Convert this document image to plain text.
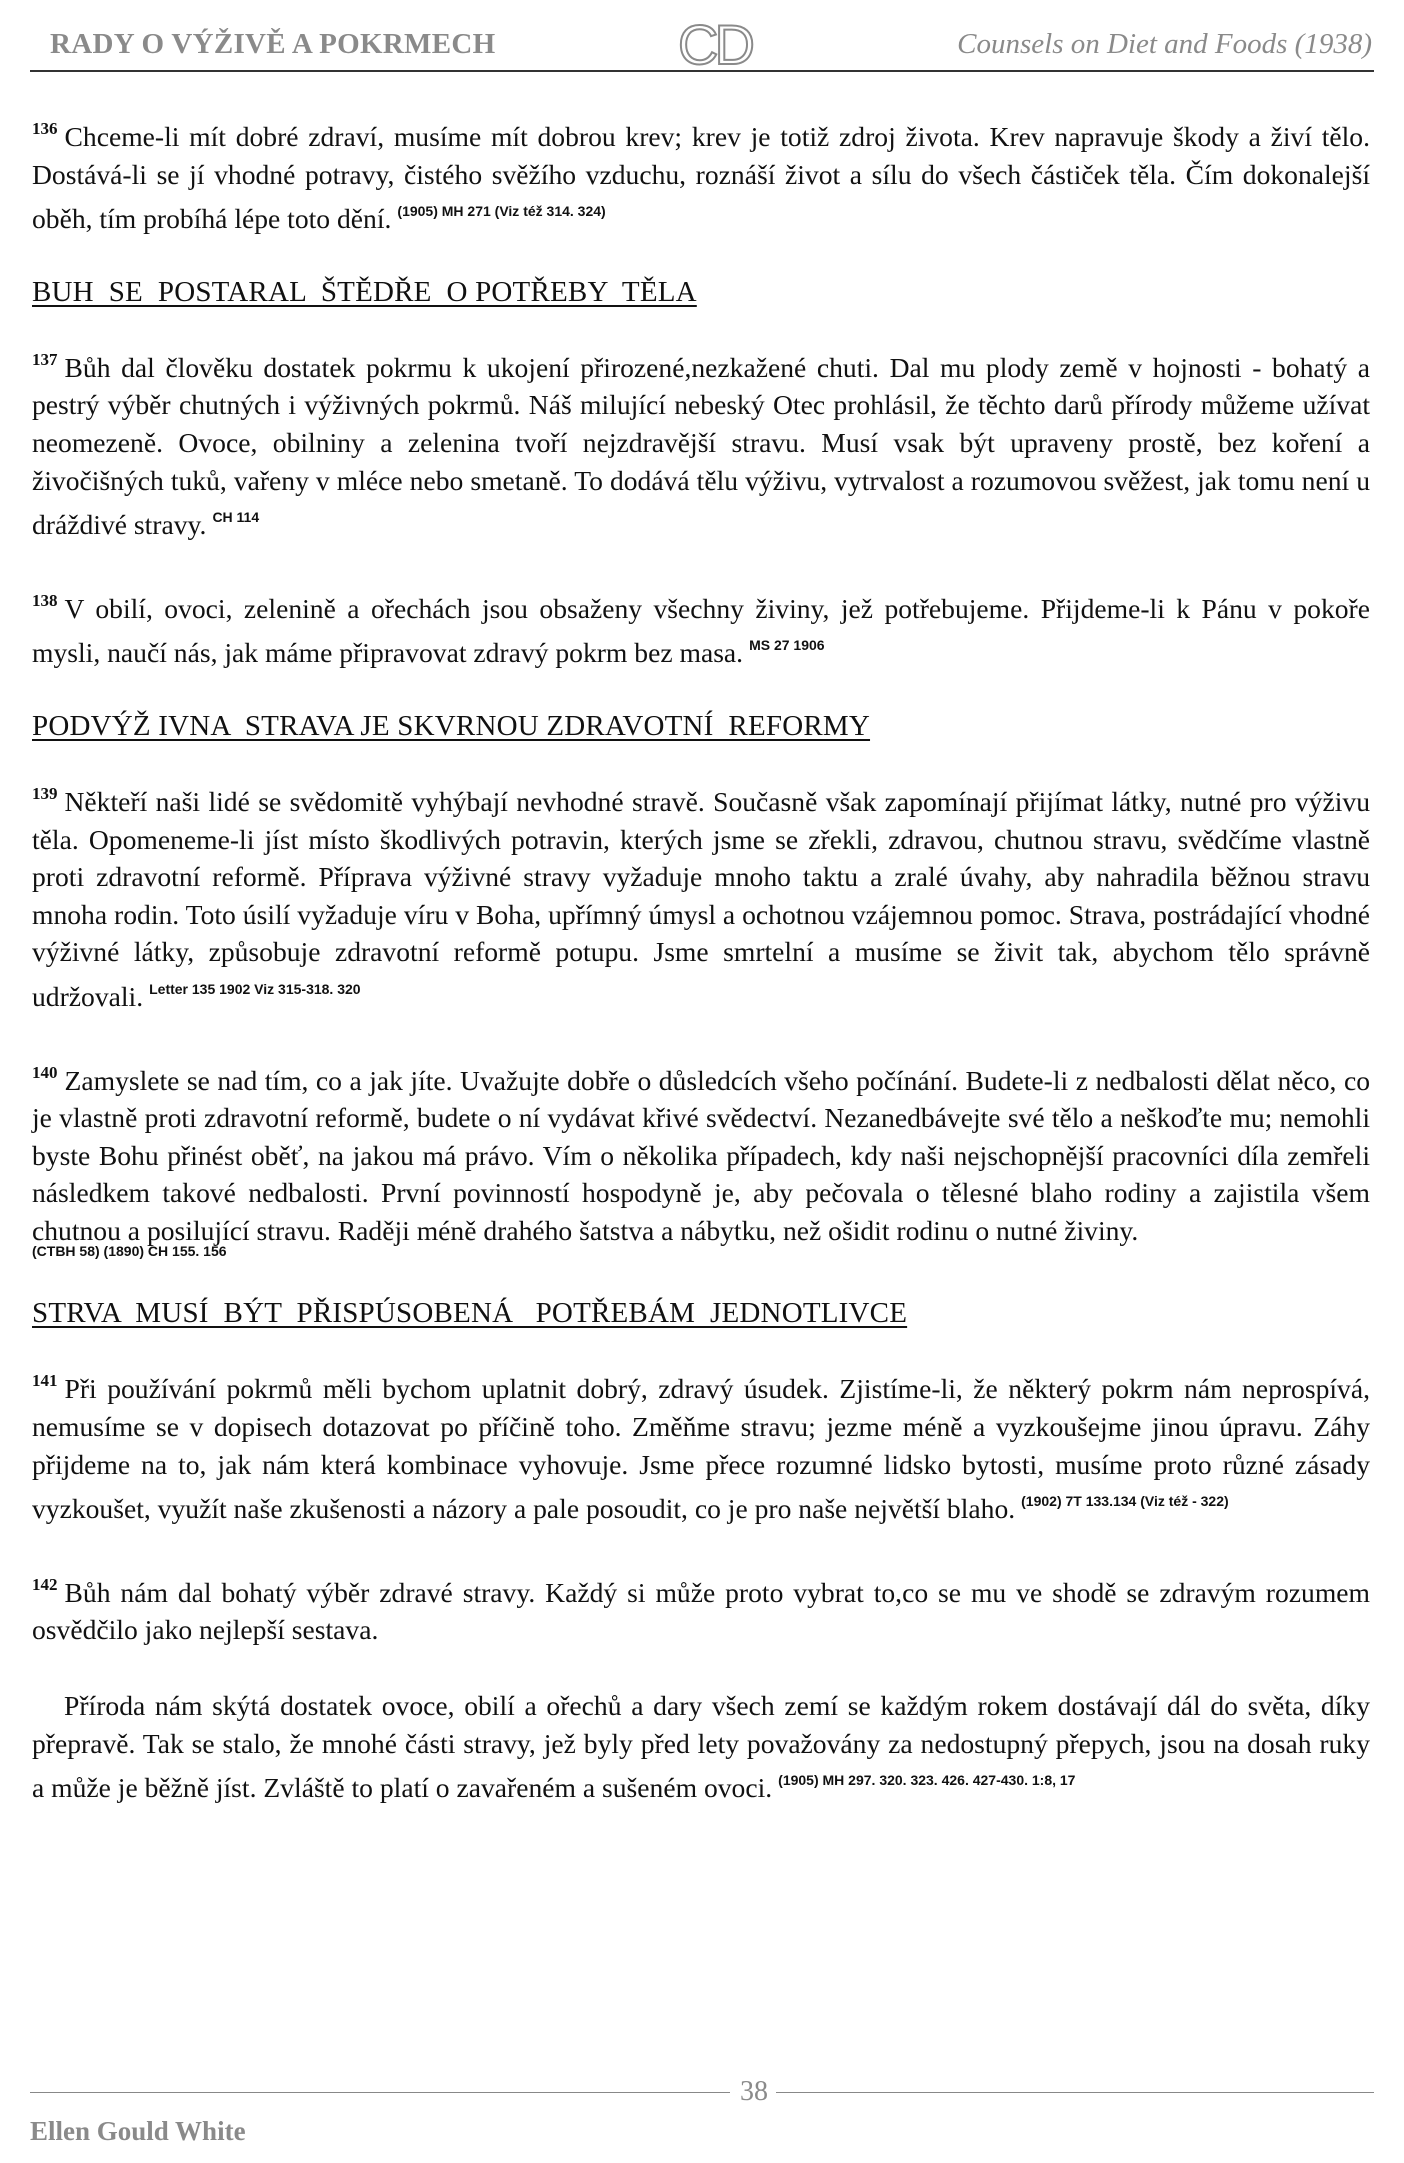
RADY O VÝŽIVĚ A POKRMECH	CD	Counsels on Diet and Foods (1938)

$^{136}$ Chceme-li mít dobré zdraví, musíme mít dobrou krev; krev je totiž zdroj života. Krev napravuje škody a živí tělo. Dostává-li se jí vhodné potravy, čistého svěžího vzduchu, roznáší život a sílu do všech částiček těla. Čím dokonalejší oběh, tím probíhá lépe toto dění. $^{(1905) MH 271 (Viz též 314. 324)}$

BUH  SE  POSTARAL  ŠTĚDŘE  O POTŘEBY  TĚLA

$^{137}$ Bůh dal člověku dostatek pokrmu k ukojení přirozené,nezkažené chuti. Dal mu plody země v hojnosti - bohatý a pestrý výběr chutných i výživných pokrmů. Náš milující nebeský Otec prohlásil, že těchto darů přírody můžeme užívat neomezeně. Ovoce, obilniny a zelenina tvoří nejzdravější stravu. Musí vsak být upraveny prostě, bez koření a živočišných tuků, vařeny v mléce nebo smetaně. To dodává tělu výživu, vytrvalost a rozumovou svěžest, jak tomu není u dráždivé stravy. $^{CH 114}$

$^{138}$ V obilí, ovoci, zelenině a ořechách jsou obsaženy všechny živiny, jež potřebujeme. Přijdeme-li k Pánu v pokoře mysli, naučí nás, jak máme připravovat zdravý pokrm bez masa. $^{MS 27 1906}$

PODVÝŽ IVNA  STRAVA JE SKVRNOU ZDRAVOTNÍ  REFORMY

$^{139}$ Někteří naši lidé se svědomitě vyhýbají nevhodné stravě. Současně však zapomínají přijímat látky, nutné pro výživu těla. Opomeneme-li jíst místo škodlivých potravin, kterých jsme se zřekli, zdravou, chutnou stravu, svědčíme vlastně proti zdravotní reformě. Příprava výživné stravy vyžaduje mnoho taktu a zralé úvahy, aby nahradila běžnou stravu mnoha rodin. Toto úsilí vyžaduje víru v Boha, upřímný úmysl a ochotnou vzájemnou pomoc. Strava, postrádající vhodné výživné látky, způsobuje zdravotní reformě potupu. Jsme smrtelní a musíme se živit tak, abychom tělo správně udržovali. $^{Letter 135 1902 Viz 315-318. 320}$

$^{140}$ Zamyslete se nad tím, co a jak jíte. Uvažujte dobře o důsledcích všeho počínání. Budete-li z nedbalosti dělat něco, co je vlastně proti zdravotní reformě, budete o ní vydávat křivé svědectví. Nezanedbávejte své tělo a neškoďte mu; nemohli byste Bohu přinést oběť, na jakou má právo. Vím o několika případech, kdy naši nejschopnější pracovníci díla zemřeli následkem takové nedbalosti. První povinností hospodyně je, aby pečovala o tělesné blaho rodiny a zajistila všem chutnou a posilující stravu. Raději méně drahého šatstva a nábytku, než ošidit rodinu o nutné živiny.
(CTBH 58) (1890) CH 155. 156

STRVA  MUSÍ  BÝT  PŘISPÚSOBENÁ   POTŘEBÁM  JEDNOTLIVCE

$^{141}$ Při používání pokrmů měli bychom uplatnit dobrý, zdravý úsudek. Zjistíme-li, že některý pokrm nám neprospívá, nemusíme se v dopisech dotazovat po příčině toho. Změňme stravu; jezme méně a vyzkoušejme jinou úpravu. Záhy přijdeme na to, jak nám která kombinace vyhovuje. Jsme přece rozumné lidsko bytosti, musíme proto různé zásady vyzkoušet, využít naše zkušenosti a názory a pale posoudit, co je pro naše největší blaho. $^{(1902) 7T 133.134 (Viz též - 322)}$

$^{142}$ Bůh nám dal bohatý výběr zdravé stravy. Každý si může proto vybrat to,co se mu ve shodě se zdravým rozumem osvědčilo jako nejlepší sestava.

Příroda nám skýtá dostatek ovoce, obilí a ořechů a dary všech zemí se každým rokem dostávají dál do světa, díky přepravě. Tak se stalo, že mnohé části stravy, jež byly před lety považovány za nedostupný přepych, jsou na dosah ruky a může je běžně jíst. Zvláště to platí o zavařeném a sušeném ovoci. $^{(1905) MH 297. 320. 323. 426. 427-430. 1:8, 17}$

38
Ellen Gould White
